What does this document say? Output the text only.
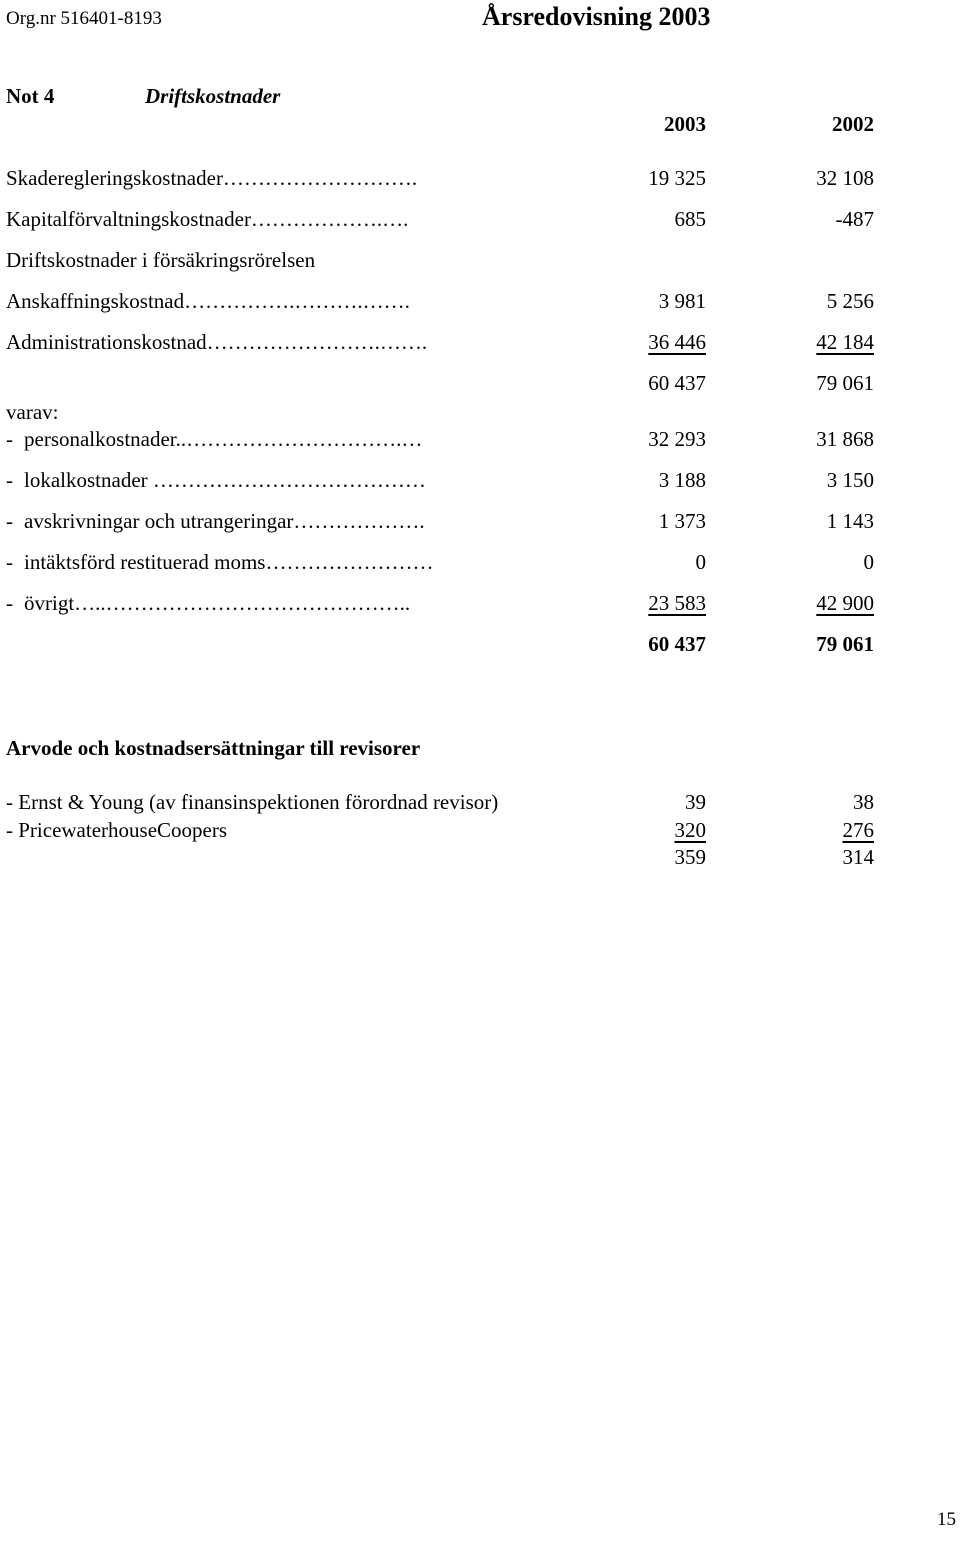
Org.nr 516401-8193	Årsredovisning 2003
Not 4	Driftskostnader
2003	2002
Skaderegleringskostnader……………………….	19 325	32 108
Kapitalförvaltningskostnader……………….….	685	-487
Driftskostnader i försäkringsrörelsen
Anskaffningskostnad…………….……….…….	3 981	5 256
Administrationskostnad…………………….…….	36 446	42 184
60 437	79 061
varav:
- personalkostnader..………………………….…	32 293	31 868
- lokalkostnader …………………………………	3 188	3 150
- avskrivningar och utrangeringar……………….	1 373	1 143
- intäktsförd restituerad moms……………………	0	0
- övrigt…..……………………………………..	23 583	42 900
60 437	79 061
Arvode och kostnadsersättningar till revisorer
- Ernst & Young (av finansinspektionen förordnad revisor)	39	38
- PricewaterhouseCoopers	320	276
359	314
15
